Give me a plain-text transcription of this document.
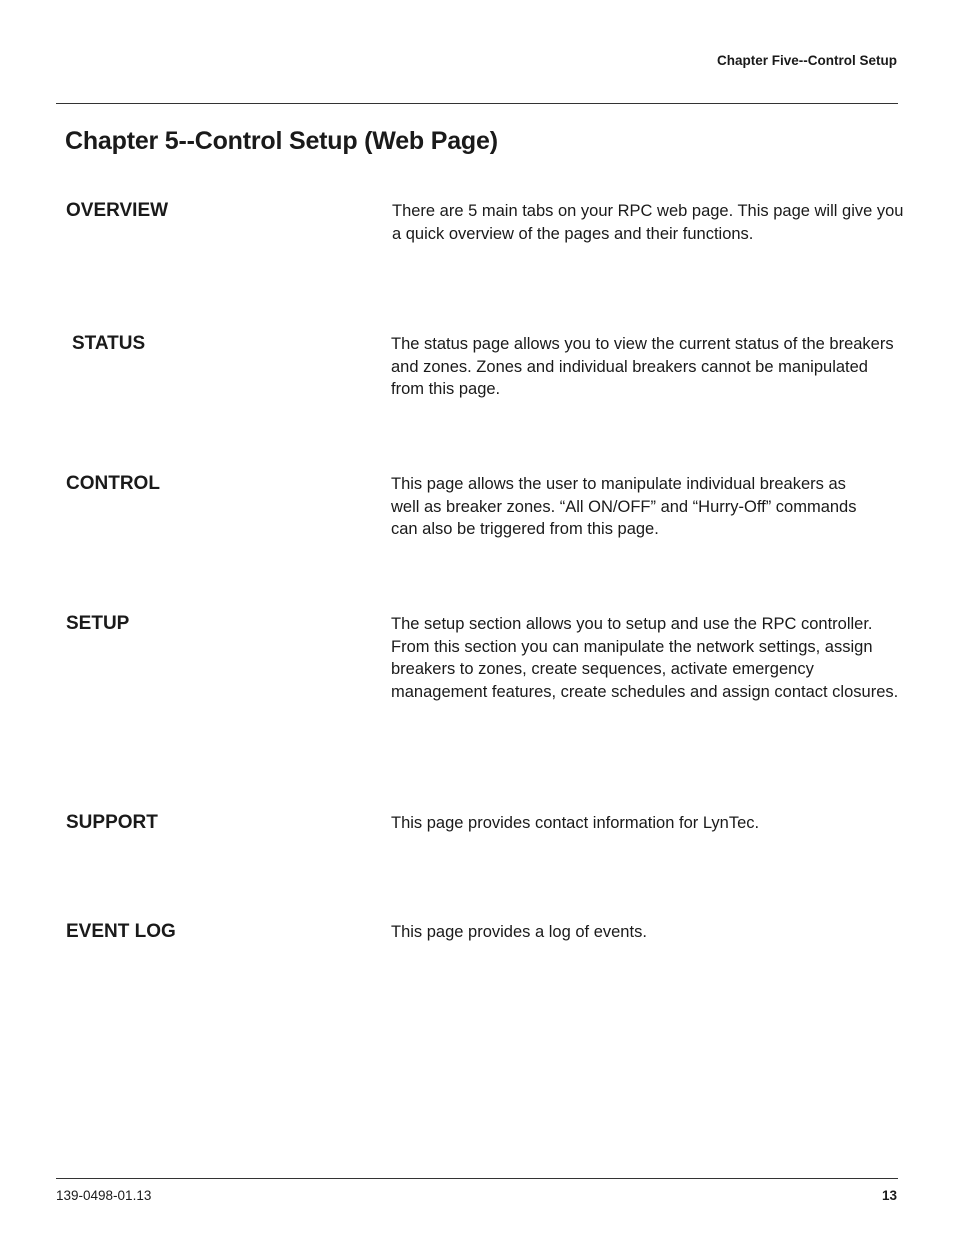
Chapter Five--Control Setup
Chapter 5--Control Setup (Web Page)
OVERVIEW	There are 5 main tabs on your RPC web page. This page will give you a quick overview of the pages and their functions.

STATUS	The status page allows you to view the current status of the breakers and zones. Zones and individual breakers cannot be manipulated from this page.

CONTROL	This page allows the user to manipulate individual breakers as well as breaker zones. “All ON/OFF” and “Hurry-Off” commands can also be triggered from this page.

SETUP	The setup section allows you to setup and use the RPC controller. From this section you can manipulate the network settings, assign breakers to zones, create sequences, activate emergency management features, create schedules and assign contact closures.

SUPPORT	This page provides contact information for LynTec.

EVENT LOG	This page provides a log of events.

139-0498-01.13	13
